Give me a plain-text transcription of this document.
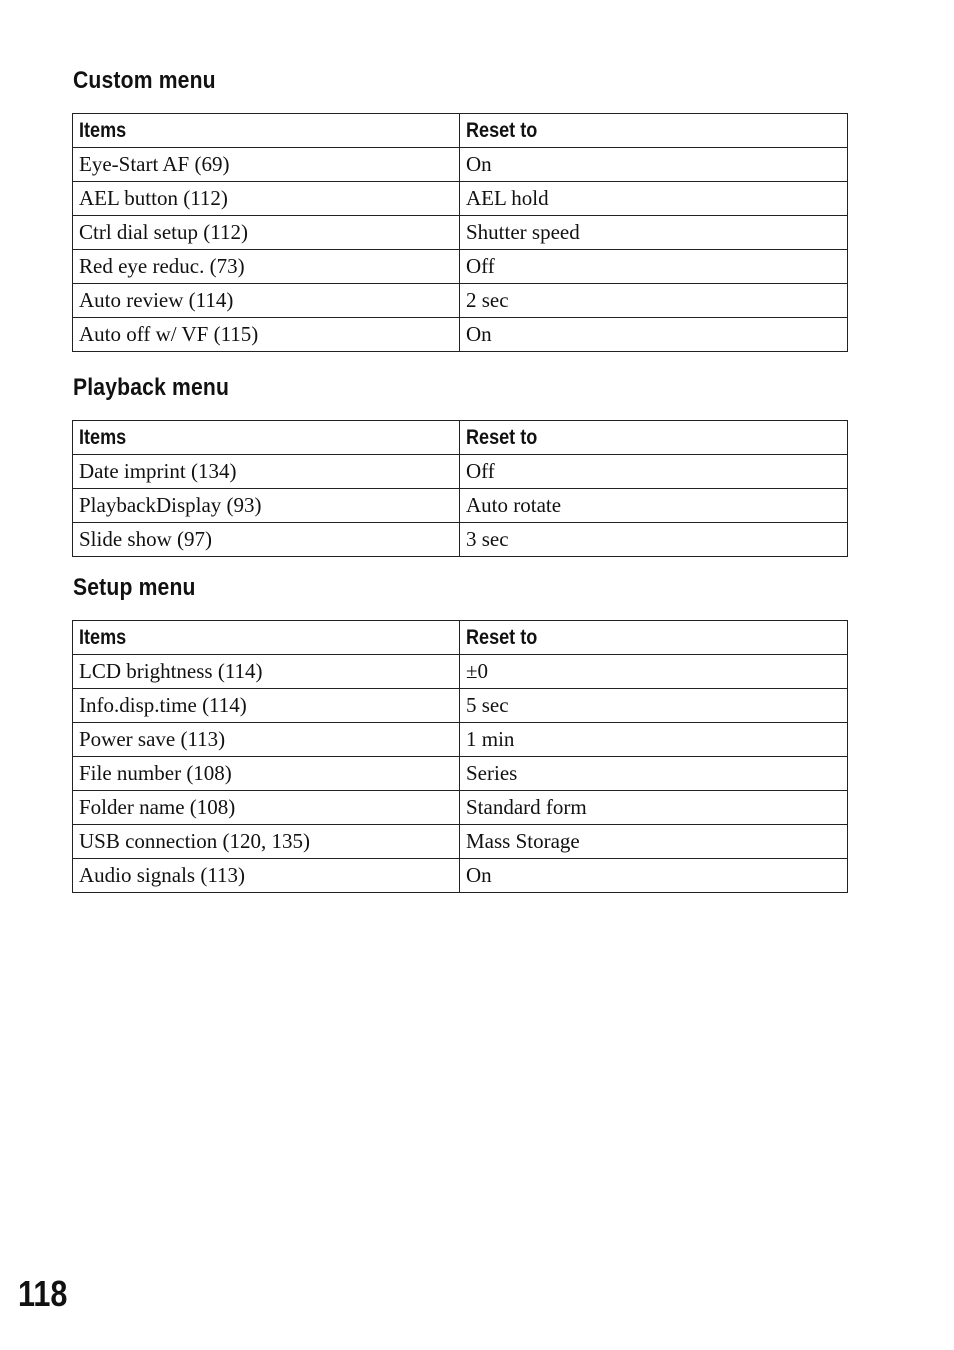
Custom menu
Items	Reset to
Eye-Start AF (69)	On
AEL button (112)	AEL hold
Ctrl dial setup (112)	Shutter speed
Red eye reduc. (73)	Off
Auto review (114)	2 sec
Auto off w/ VF (115)	On
Playback menu
Items	Reset to
Date imprint (134)	Off
PlaybackDisplay (93)	Auto rotate
Slide show (97)	3 sec
Setup menu
Items	Reset to
LCD brightness (114)	±0
Info.disp.time (114)	5 sec
Power save (113)	1 min
File number (108)	Series
Folder name (108)	Standard form
USB connection (120, 135)	Mass Storage
Audio signals (113)	On
118
